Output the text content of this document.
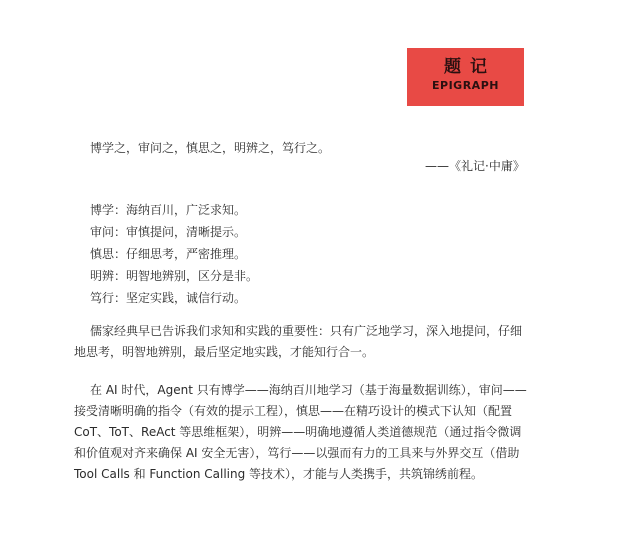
题记
EPIGRAPH
博学之，审问之，慎思之，明辨之，笃行之。
——《礼记·中庸》
博学：海纳百川，广泛求知。
审问：审慎提问，清晰提示。
慎思：仔细思考，严密推理。
明辨：明智地辨别，区分是非。
笃行：坚定实践，诚信行动。
儒家经典早已告诉我们求知和实践的重要性：只有广泛地学习，深入地提问，仔细
地思考，明智地辨别，最后坚定地实践，才能知行合一。
在 AI 时代，Agent 只有博学——海纳百川地学习（基于海量数据训练），审问——
接受清晰明确的指令（有效的提示工程），慎思——在精巧设计的模式下认知（配置
CoT、ToT、ReAct 等思维框架），明辨——明确地遵循人类道德规范（通过指令微调
和价值观对齐来确保 AI 安全无害），笃行——以强而有力的工具来与外界交互（借助
Tool Calls 和 Function Calling 等技术），才能与人类携手，共筑锦绣前程。
